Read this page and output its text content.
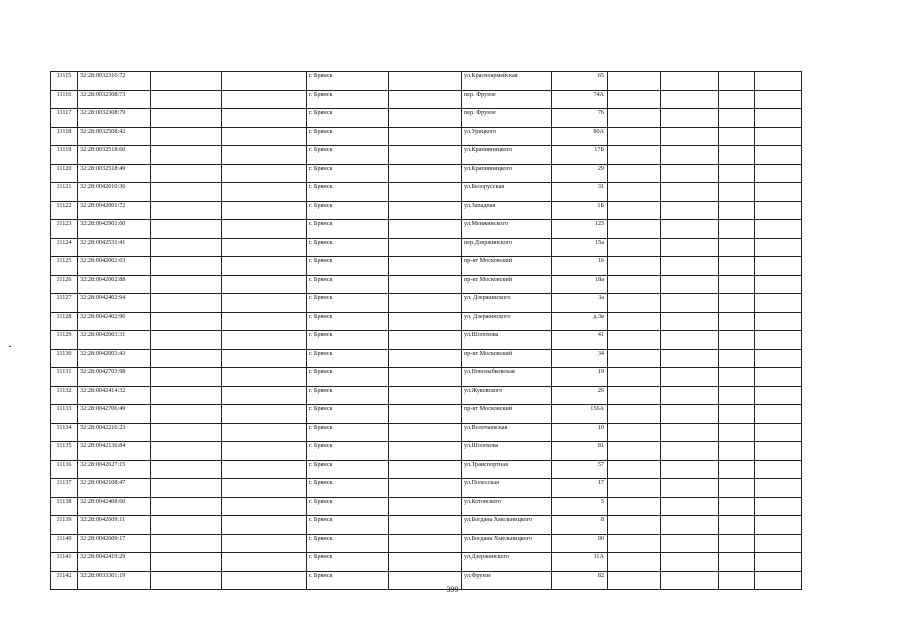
11115	32:28:0032316:72			г. Брянск		ул.Красноармейская	65				
11116	32:28:0032308:73			г. Брянск		пер. Фрунзе	74А				
11117	32:28:0032308:79			г. Брянск		пер. Фрунзе	76				
11118	32:28:0032508:42			г. Брянск		ул.Урицкого	80А				
11119	32:28:0032518:60			г. Брянск		ул.Крапивницкого	17Б				
11120	32:28:0032518:49			г. Брянск		ул.Крапивницкого	29				
11121	32:28:0042010:36			г. Брянск		ул.Белорусская	31				
11122	32:28:0042001:72			г. Брянск		ул.Западная	1Б				
11123	32:28:0042901:60			г. Брянск		ул.Менжинского	123				
11124	32:28:0042531:41			г. Брянск		пер.Дзержинского	15а				
11125	32:28:0042002:63			г. Брянск		пр-кт Московский	16				
11126	32:28:0042002:88			г. Брянск		пр-кт Московский	18а				
11127	32:28:0042402:94			г. Брянск		ул. Дзержинского	3а				
11128	32:28:0042402:96			г. Брянск		ул. Дзержинского	д.3в				
11129	32:28:0042003:31			г. Брянск		ул.Шолохова	41				
11130	32:28:0042003:43			г. Брянск		пр-кт Московский	34				
11131	32:28:0042703:98			г. Брянск		ул.Новозыбковская	19				
11132	32:28:0042414:32			г. Брянск		ул.Жуковского	26				
11133	32:28:0042706:49			г. Брянск		пр-кт Московский	156А				
11134	32:28:0042216:23			г. Брянск		ул.Волочаевская	10				
11135	32:28:0042136:84			г. Брянск		ул.Шолохова	81				
11136	32:28:0042627:15			г. Брянск		ул.Транспортная	57				
11137	32:28:0042108:47			г. Брянск		ул.Полесская	17				
11138	32:28:0042408:60			г. Брянск		ул.Котовского	5				
11139	32:28:0042609:11			г. Брянск		ул.Богдана Хмельницкого	8				
11140	32:28:0042609:17			г. Брянск		ул.Богдана Хмельницкого	90				
11141	32:28:0042419:29			г. Брянск		ул.Дзержинского	11А				
11142	32:28:0033301:19			г. Брянск		ул.Фрунзе	82				
399
